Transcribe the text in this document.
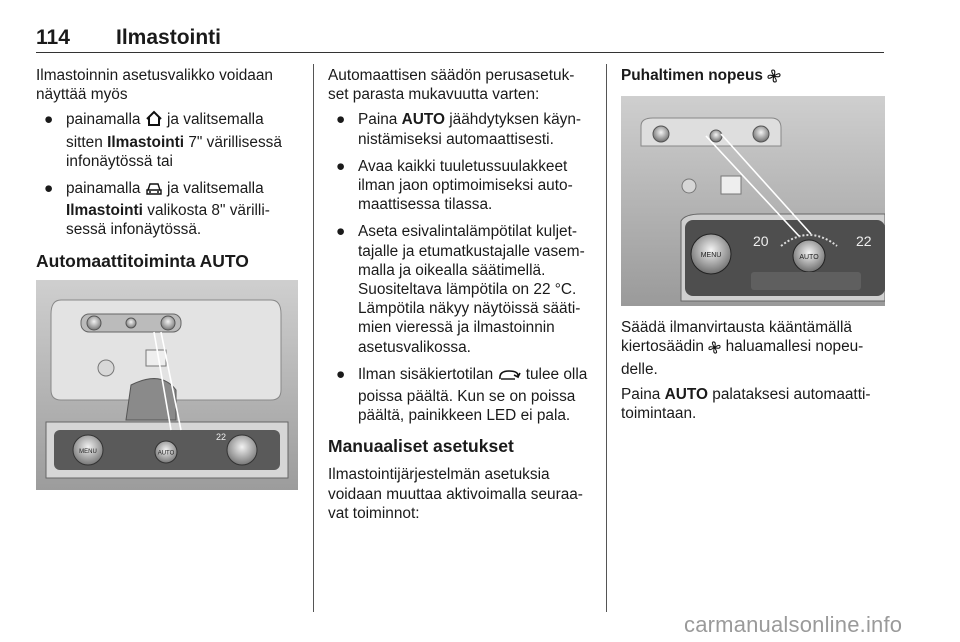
114 Ilmastointi

Ilmastoinnin asetusvalikko voidaan näyttää myös

● painamalla ja valitsemalla sitten Ilmastointi 7" värillisessä infonäytössä tai
● painamalla ja valitsemalla
Ilmastointi valikosta 8" värilli-sessä infonäytössä.
Automaattitoiminta AUTO
MENU	AUTO
22

Automaattisen säädön perusasetuk-set parasta mukavuutta varten:

● Paina AUTO jäähdytyksen käyn-nistämiseksi automaattisesti.
● Avaa kaikki tuuletussuulakkeet ilman jaon optimoimiseksi auto-maattisessa tilassa.
● Aseta esivalintalämpötilat kuljet-tajalle ja etumatkustajalle vasem-malla ja oikealla säätimellä. Suositeltava lämpötila on 22 °C. Lämpötila näkyy näytöissä sääti-mien vieressä ja ilmastoinnin asetusvalikossa.
● Ilman sisäkiertotilan tulee olla poissa päältä. Kun se on poissa päältä, painikkeen LED ei pala.
Manuaaliset asetukset

Ilmastointijärjestelmän asetuksia voidaan muuttaa aktivoimalla seuraa-vat toiminnot:

Puhaltimen nopeus
MENU
20
AUTO
22

Säädä ilmanvirtausta kääntämällä kiertosäädin haluamallesi nopeu-delle.

Paina AUTO palataksesi automaatti-toimintaan.

carmanualsonline.info
